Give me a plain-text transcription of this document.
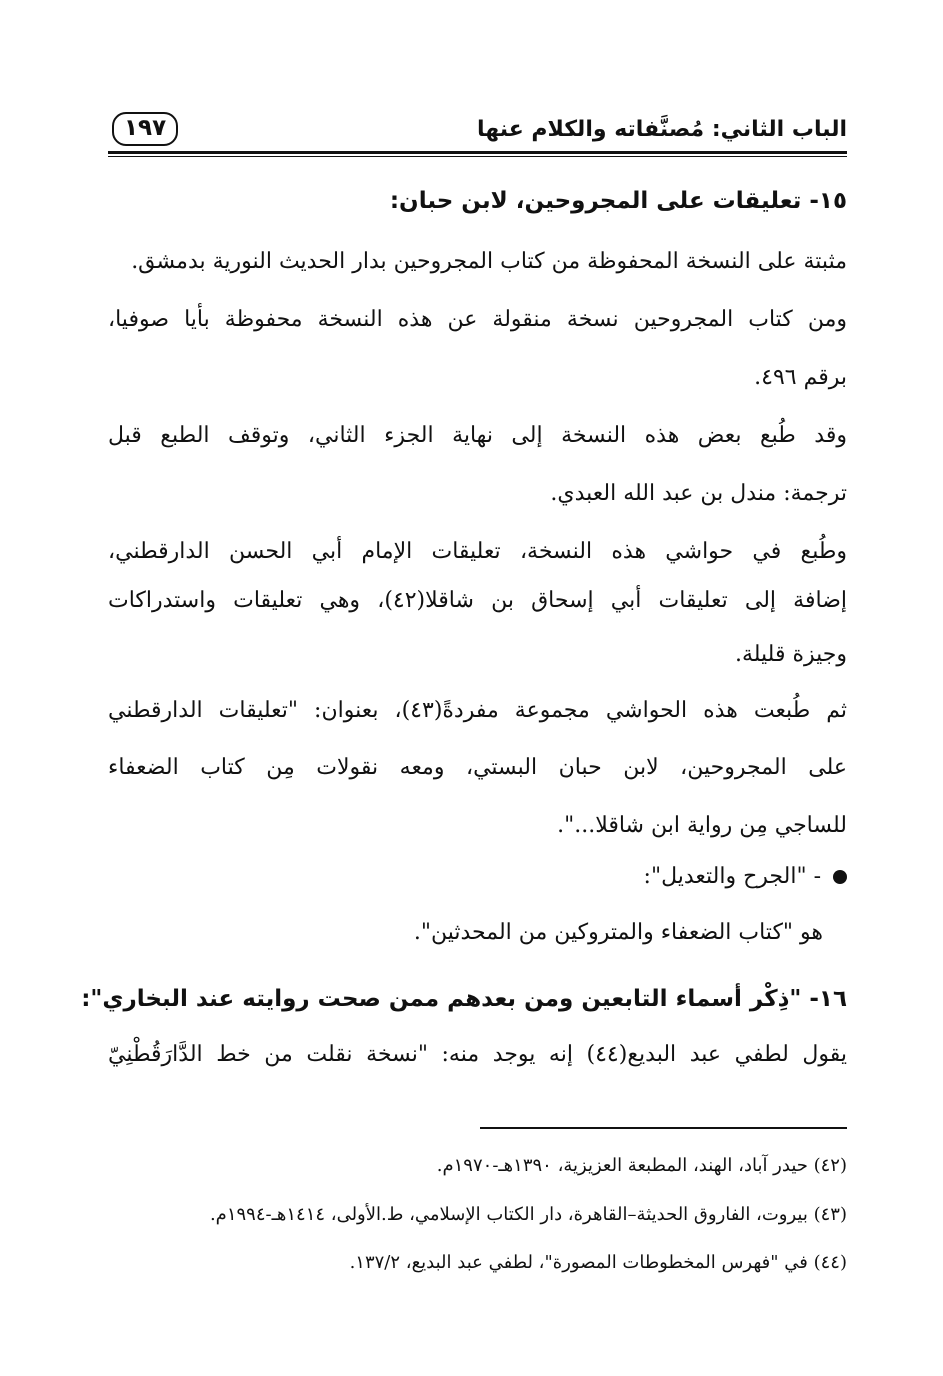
١٩٧	الباب الثاني: مُصنَّفاته والكلام عنها
١٥- تعليقات على المجروحين، لابن حبان:
مثبتة على النسخة المحفوظة من كتاب المجروحين بدار الحديث النورية بدمشق.
ومن كتاب المجروحين نسخة منقولة عن هذه النسخة محفوظة بأيا صوفيا،
برقم ٤٩٦.
وقد طُبع بعض هذه النسخة إلى نهاية الجزء الثاني، وتوقف الطبع قبل
ترجمة: مندل بن عبد الله العبدي.
وطُبع في حواشي هذه النسخة، تعليقات الإمام أبي الحسن الدارقطني،
إضافة إلى تعليقات أبي إسحاق بن شاقلا(٤٢)، وهي تعليقات واستدراكات
وجيزة قليلة.
ثم طُبعت هذه الحواشي مجموعة مفردةً(٤٣)، بعنوان: "تعليقات الدارقطني
على المجروحين، لابن حبان البستي، ومعه نقولات مِن كتاب الضعفاء
للساجي مِن رواية ابن شاقلا...".
- "الجرح والتعديل":
هو "كتاب الضعفاء والمتروكين من المحدثين".
١٦- "ذِكْر أسماء التابعين ومن بعدهم ممن صحت روايته عند البخاري":
يقول لطفي عبد البديع(٤٤) إنه يوجد منه: "نسخة نقلت من خط الدَّارَقُطْنِيّ
(٤٢) حيدر آباد، الهند، المطبعة العزيزية، ١٣٩٠هـ-١٩٧٠م.
(٤٣) بيروت، الفاروق الحديثة–القاهرة، دار الكتاب الإسلامي، ط.الأولى، ١٤١٤هـ-١٩٩٤م.
(٤٤) في "فهرس المخطوطات المصورة"، لطفي عبد البديع، ١٣٧/٢.
